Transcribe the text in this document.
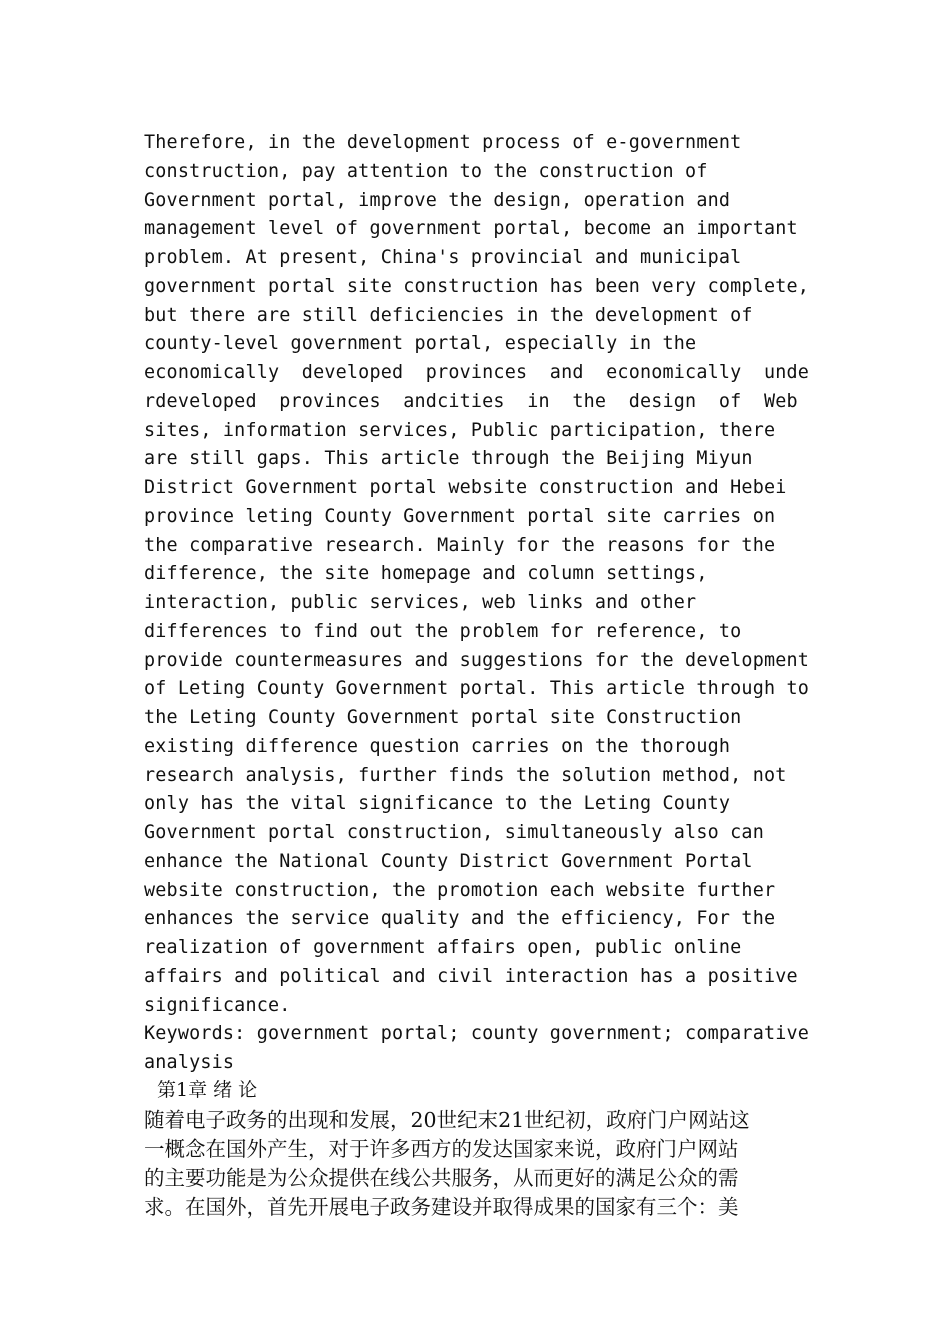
Therefore, in the development process of e-government
construction, pay attention to the construction of
Government portal, improve the design, operation and
management level of government portal, become an important
problem. At present, China's provincial and municipal
government portal site construction has been very complete,
but there are still deficiencies in the development of
county-level government portal, especially in the
economically  developed  provinces  and  economically  unde
rdeveloped  provinces  andcities  in  the  design  of  Web
sites, information services, Public participation, there
are still gaps. This article through the Beijing Miyun
District Government portal website construction and Hebei
province leting County Government portal site carries on
the comparative research. Mainly for the reasons for the
difference, the site homepage and column settings,
interaction, public services, web links and other
differences to find out the problem for reference, to
provide countermeasures and suggestions for the development
of Leting County Government portal. This article through to
the Leting County Government portal site Construction
existing difference question carries on the thorough
research analysis, further finds the solution method, not
only has the vital significance to the Leting County
Government portal construction, simultaneously also can
enhance the National County District Government Portal
website construction, the promotion each website further
enhances the service quality and the efficiency, For the
realization of government affairs open, public online
affairs and political and civil interaction has a positive
significance.
Keywords: government portal; county government; comparative
analysis
第1章 绪 论
随着电子政务的出现和发展，20世纪末21世纪初，政府门户网站这
一概念在国外产生，对于许多西方的发达国家来说，政府门户网站
的主要功能是为公众提供在线公共服务，从而更好的满足公众的需
求。在国外，首先开展电子政务建设并取得成果的国家有三个：美
